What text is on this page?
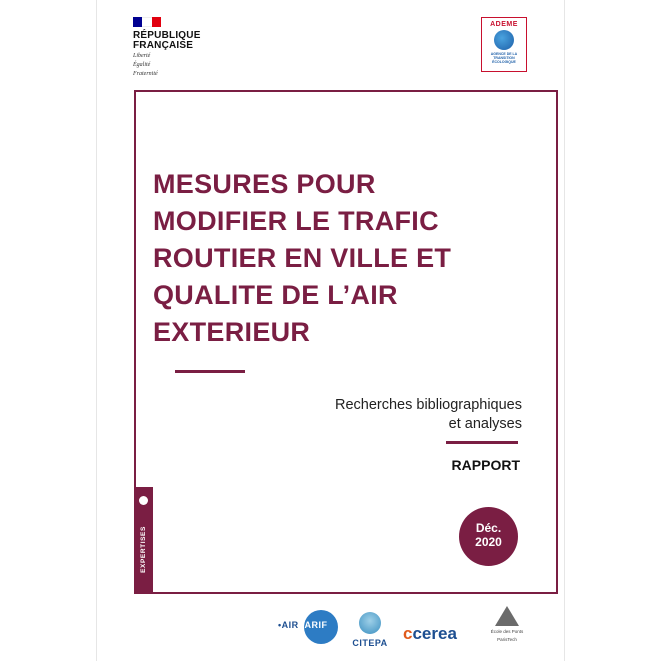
RÉPUBLIQUE
FRANÇAISE
Liberté
Égalité
Fraternité
ADEME
AGENCE DE LA TRANSITION ÉCOLOGIQUE
MESURES POUR
MODIFIER LE TRAFIC
ROUTIER EN VILLE ET
QUALITE DE L’AIR
EXTERIEUR
Recherches bibliographiques
et analyses
RAPPORT
Déc.
2020
EXPERTISES
•AIRPARIF
CITEPA ccerea	École des Ponts
ParisTech
